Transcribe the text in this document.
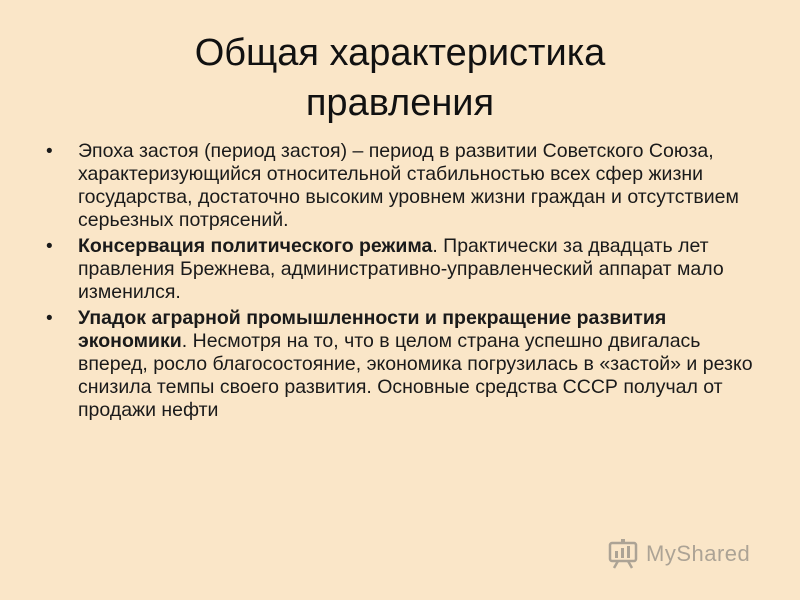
Общая характеристика
правления
• Эпоха застоя (период застоя) – период в развитии Советского Союза, характеризующийся относительной стабильностью всех сфер жизни государства, достаточно высоким уровнем жизни граждан и отсутствием серьезных потрясений.
• Консервация политического режима. Практически за двадцать лет правления Брежнева, административно-управленческий аппарат мало изменился.
• Упадок аграрной промышленности и прекращение развития экономики. Несмотря на то, что в целом страна успешно двигалась вперед, росло благосостояние, экономика погрузилась в «застой» и резко снизила темпы своего развития. Основные средства СССР получал от продажи нефти
MyShared
